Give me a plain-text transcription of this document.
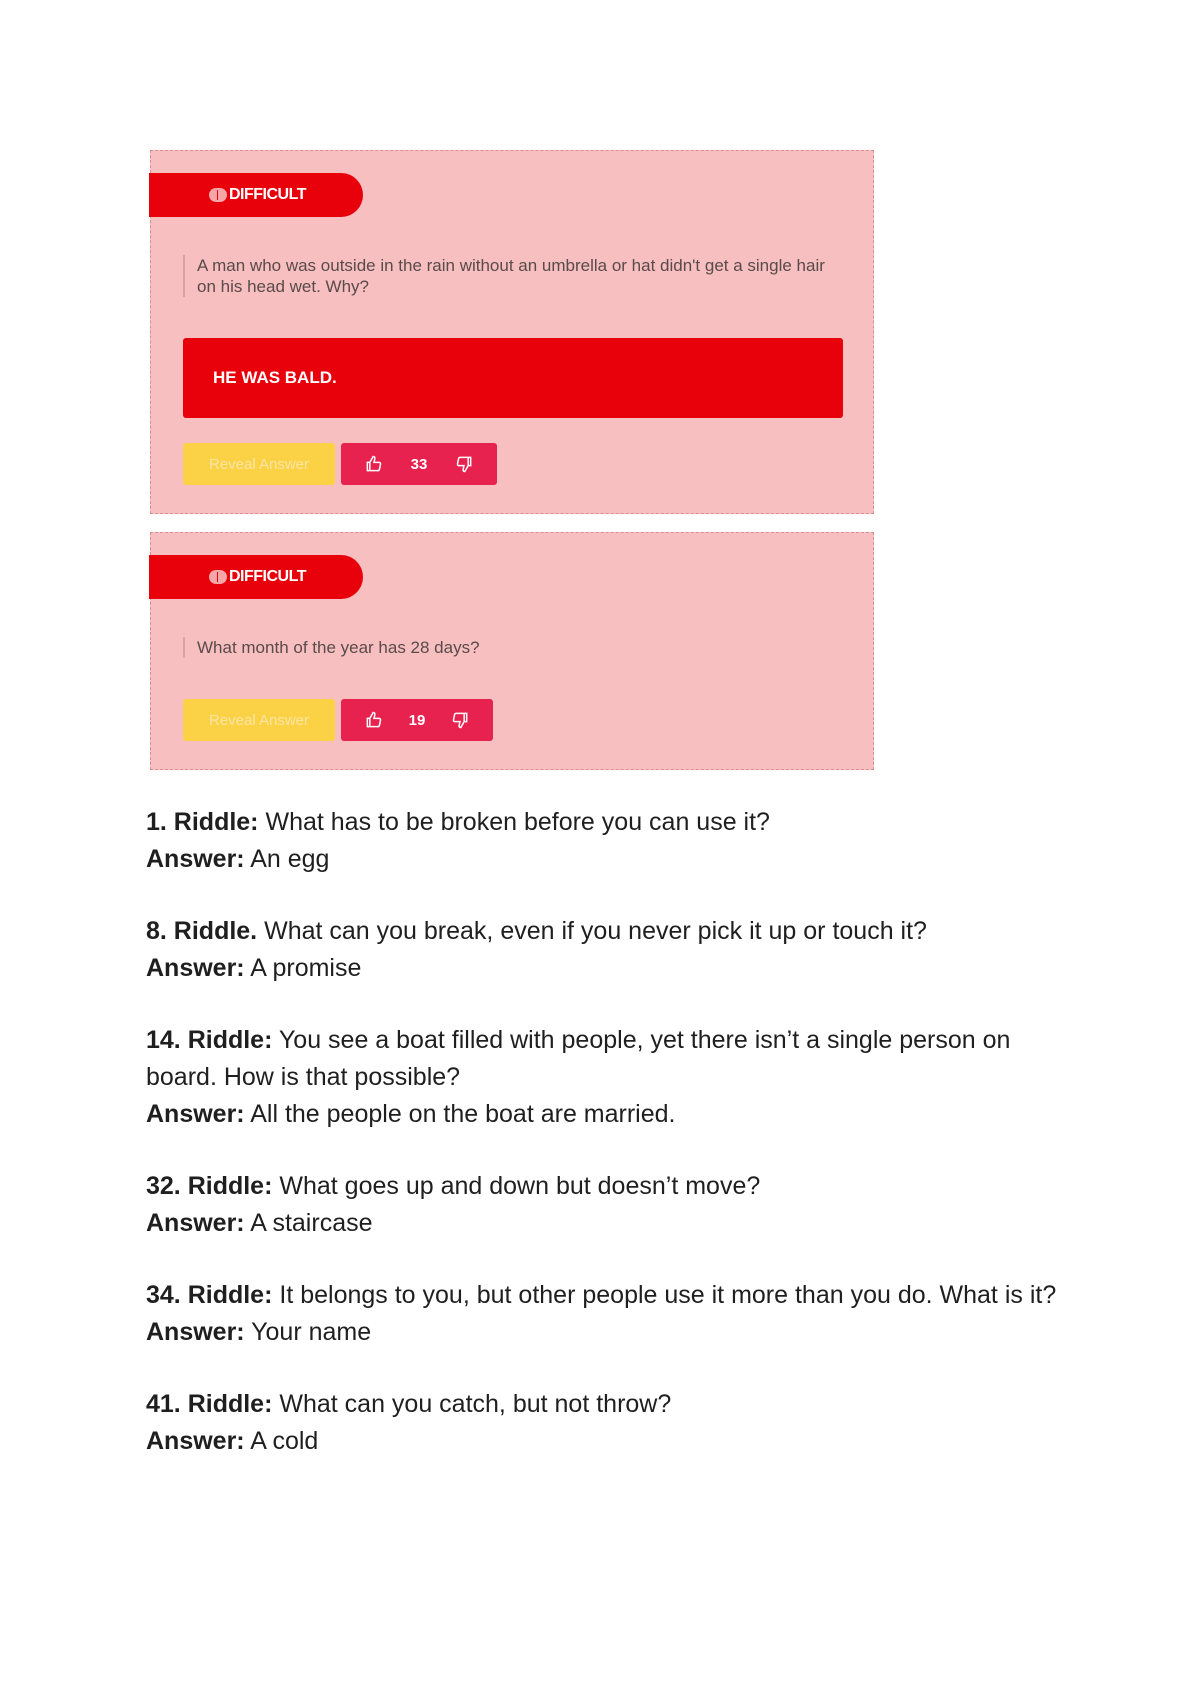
DIFFICULT
A man who was outside in the rain without an umbrella or hat didn't get a single hair on his head wet. Why?
HE WAS BALD.
Reveal Answer	33
DIFFICULT
What month of the year has 28 days?
Reveal Answer	19
1. Riddle: What has to be broken before you can use it?
Answer: An egg
8. Riddle. What can you break, even if you never pick it up or touch it?
Answer: A promise
14. Riddle: You see a boat filled with people, yet there isn’t a single person on board. How is that possible?
Answer: All the people on the boat are married.
32. Riddle: What goes up and down but doesn’t move?
Answer: A staircase
34. Riddle: It belongs to you, but other people use it more than you do. What is it?
Answer: Your name
41. Riddle: What can you catch, but not throw?
Answer: A cold
